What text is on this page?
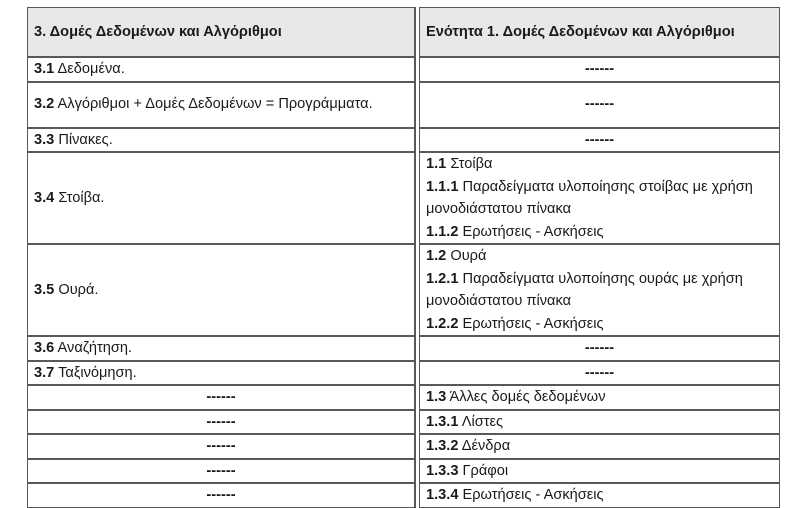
3. Δομές Δεδομένων και Αλγόριθμοι		Ενότητα 1. Δομές Δεδομένων και Αλγόριθμοι
3.1 Δεδομένα.		------
3.2 Αλγόριθμοι + Δομές Δεδομένων = Προγράμματα.		------
3.3 Πίνακες.		------
3.4 Στοίβα.		1.1 Στοίβα
1.1.1 Παραδείγματα υλοποίησης στοίβας με χρήση μονοδιάστατου πίνακα
1.1.2 Ερωτήσεις - Ασκήσεις

3.5 Ουρά.		1.2 Ουρά
1.2.1 Παραδείγματα υλοποίησης ουράς με χρήση μονοδιάστατου πίνακα
1.2.2 Ερωτήσεις - Ασκήσεις

3.6 Αναζήτηση.		------
3.7 Ταξινόμηση.		------
------		1.3 Άλλες δομές δεδομένων
------		1.3.1 Λίστες
------		1.3.2 Δένδρα
------		1.3.3 Γράφοι
------		1.3.4 Ερωτήσεις - Ασκήσεις
